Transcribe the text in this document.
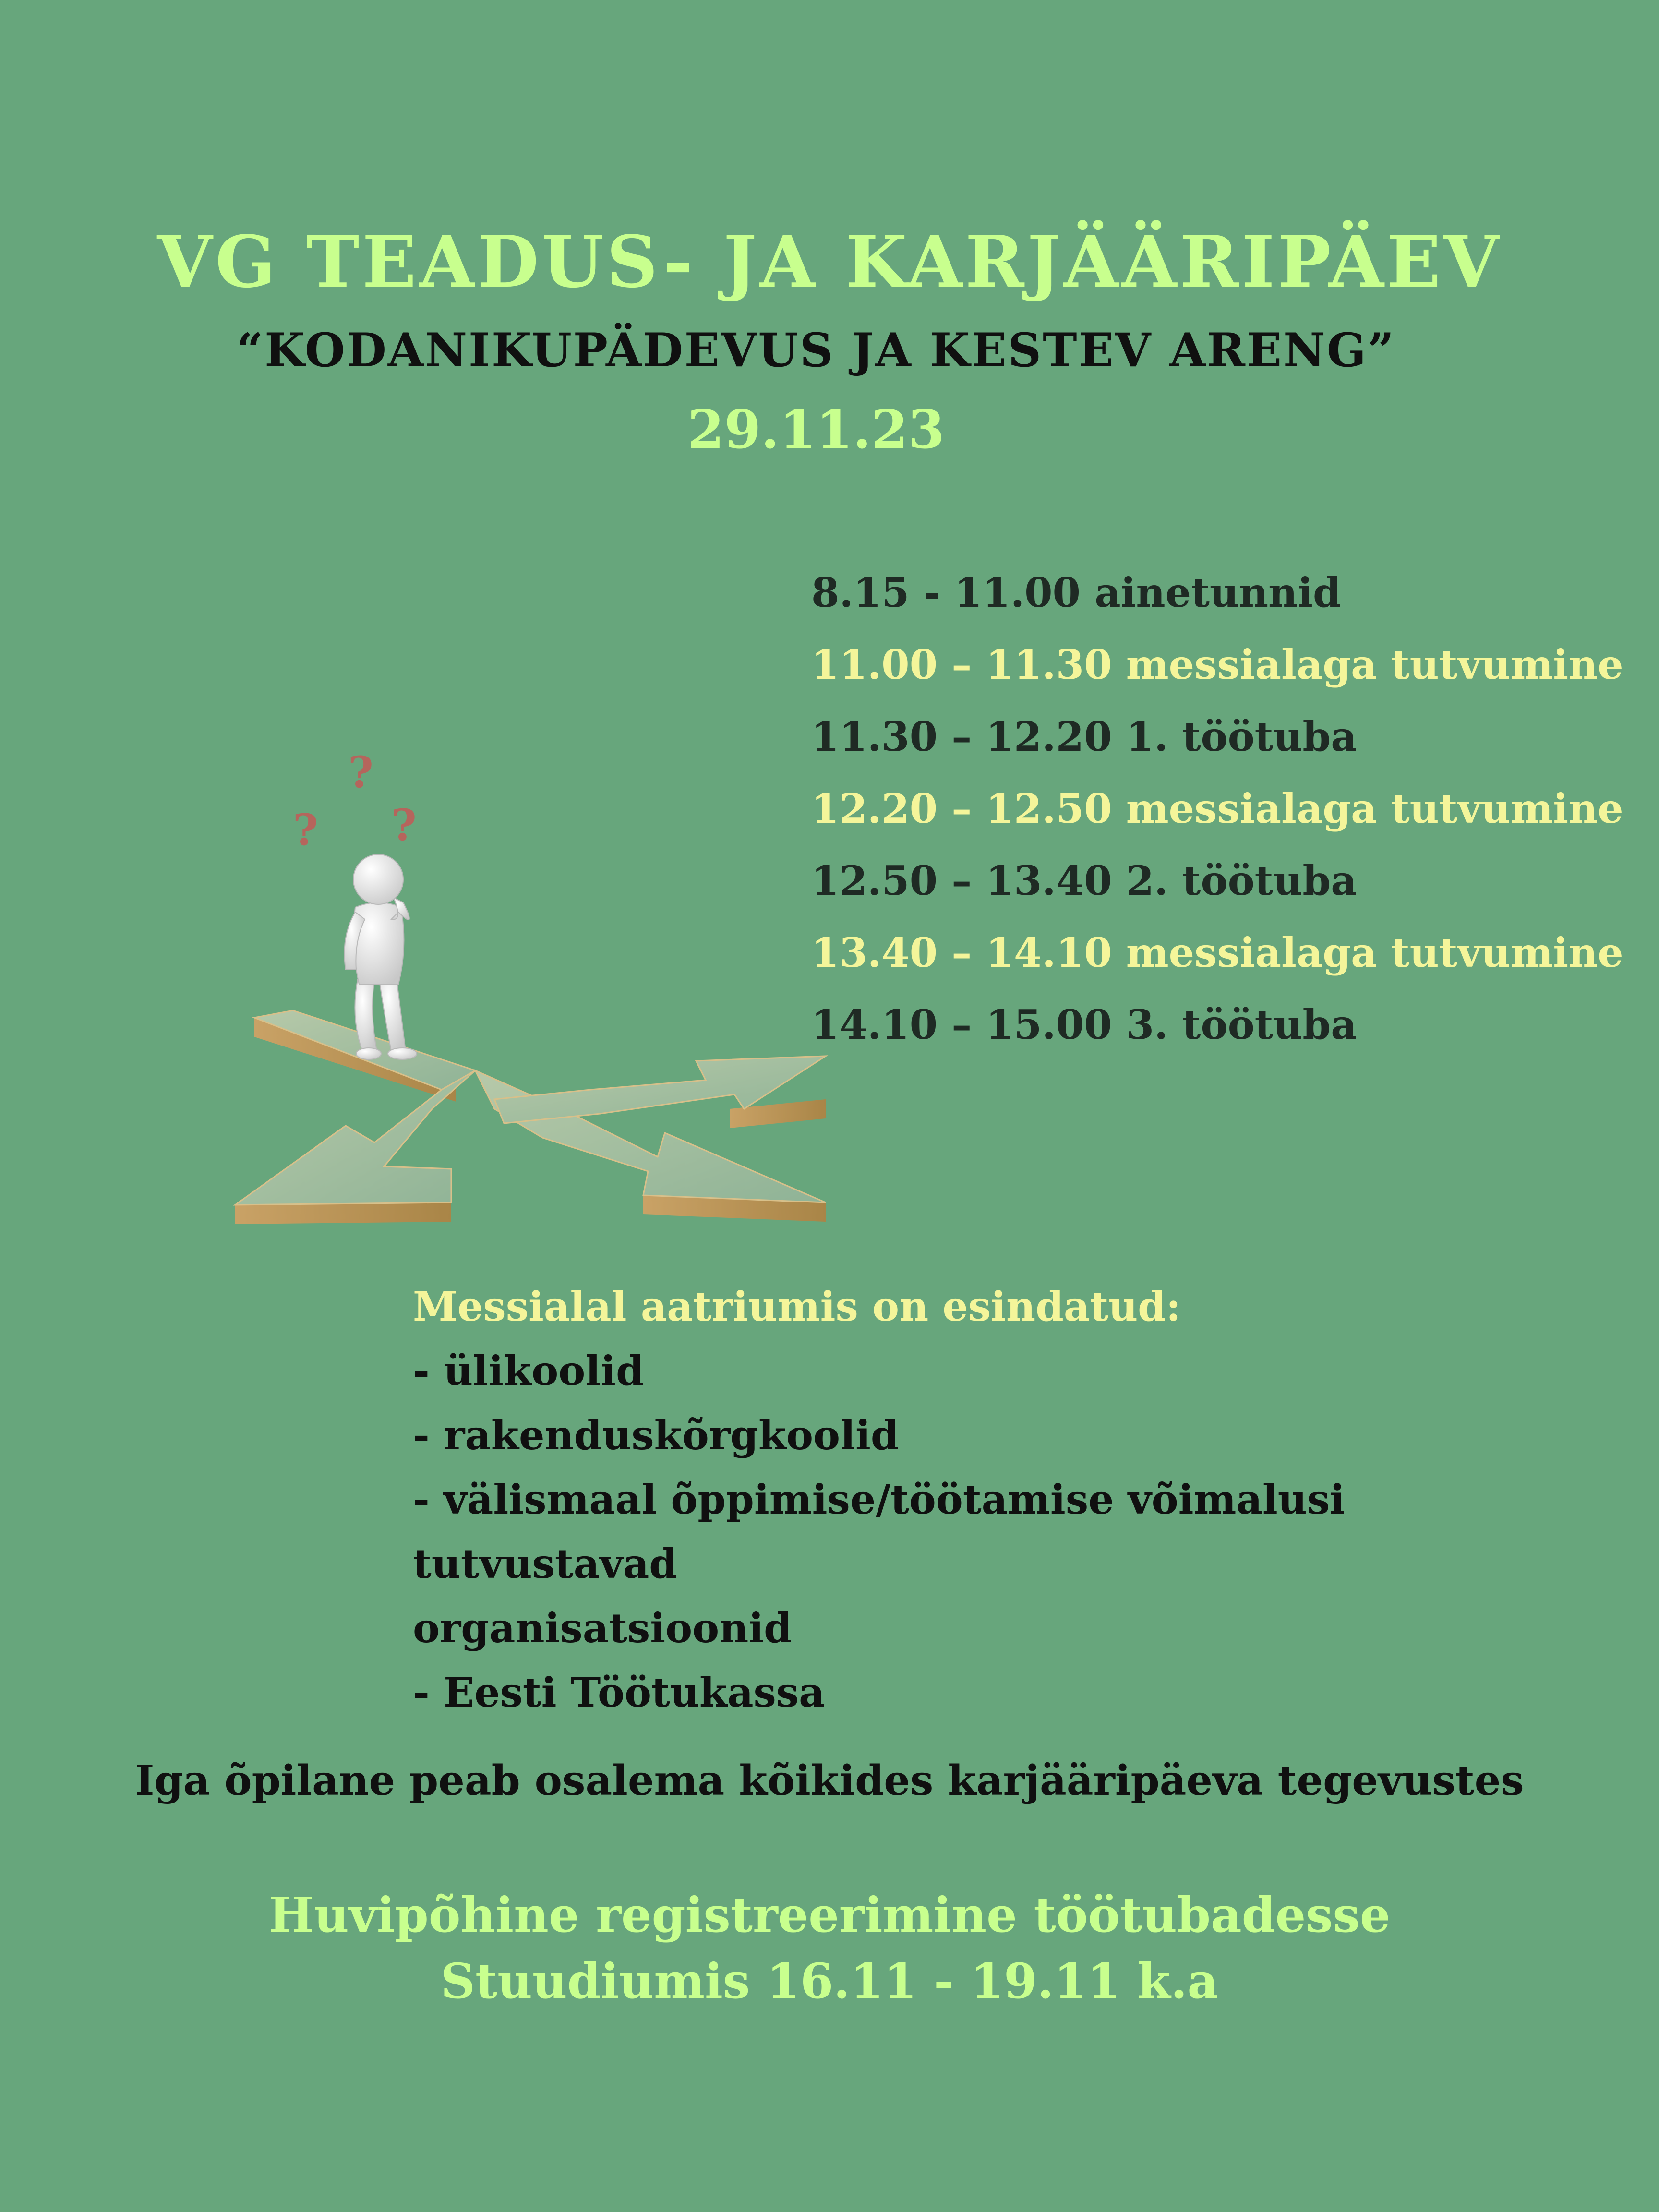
VG TEADUS- JA KARJÄÄRIPÄEV
“KODANIKUPÄDEVUS JA KESTEV ARENG”
29.11.23
8.15 - 11.00 ainetunnid
11.00 – 11.30 messialaga tutvumine
11.30 – 12.20 1. töötuba
12.20 – 12.50 messialaga tutvumine
12.50 – 13.40 2. töötuba
13.40 – 14.10 messialaga tutvumine
14.10 – 15.00 3. töötuba
?
?
?
Messialal aatriumis on esindatud:
- ülikoolid
- rakenduskõrgkoolid
- välismaal õppimise/töötamise võimalusi tutvustavad
organisatsioonid
- Eesti Töötukassa
Iga õpilane peab osalema kõikides karjääripäeva tegevustes
Huvipõhine registreerimine töötubadesse
Stuudiumis 16.11 - 19.11 k.a
